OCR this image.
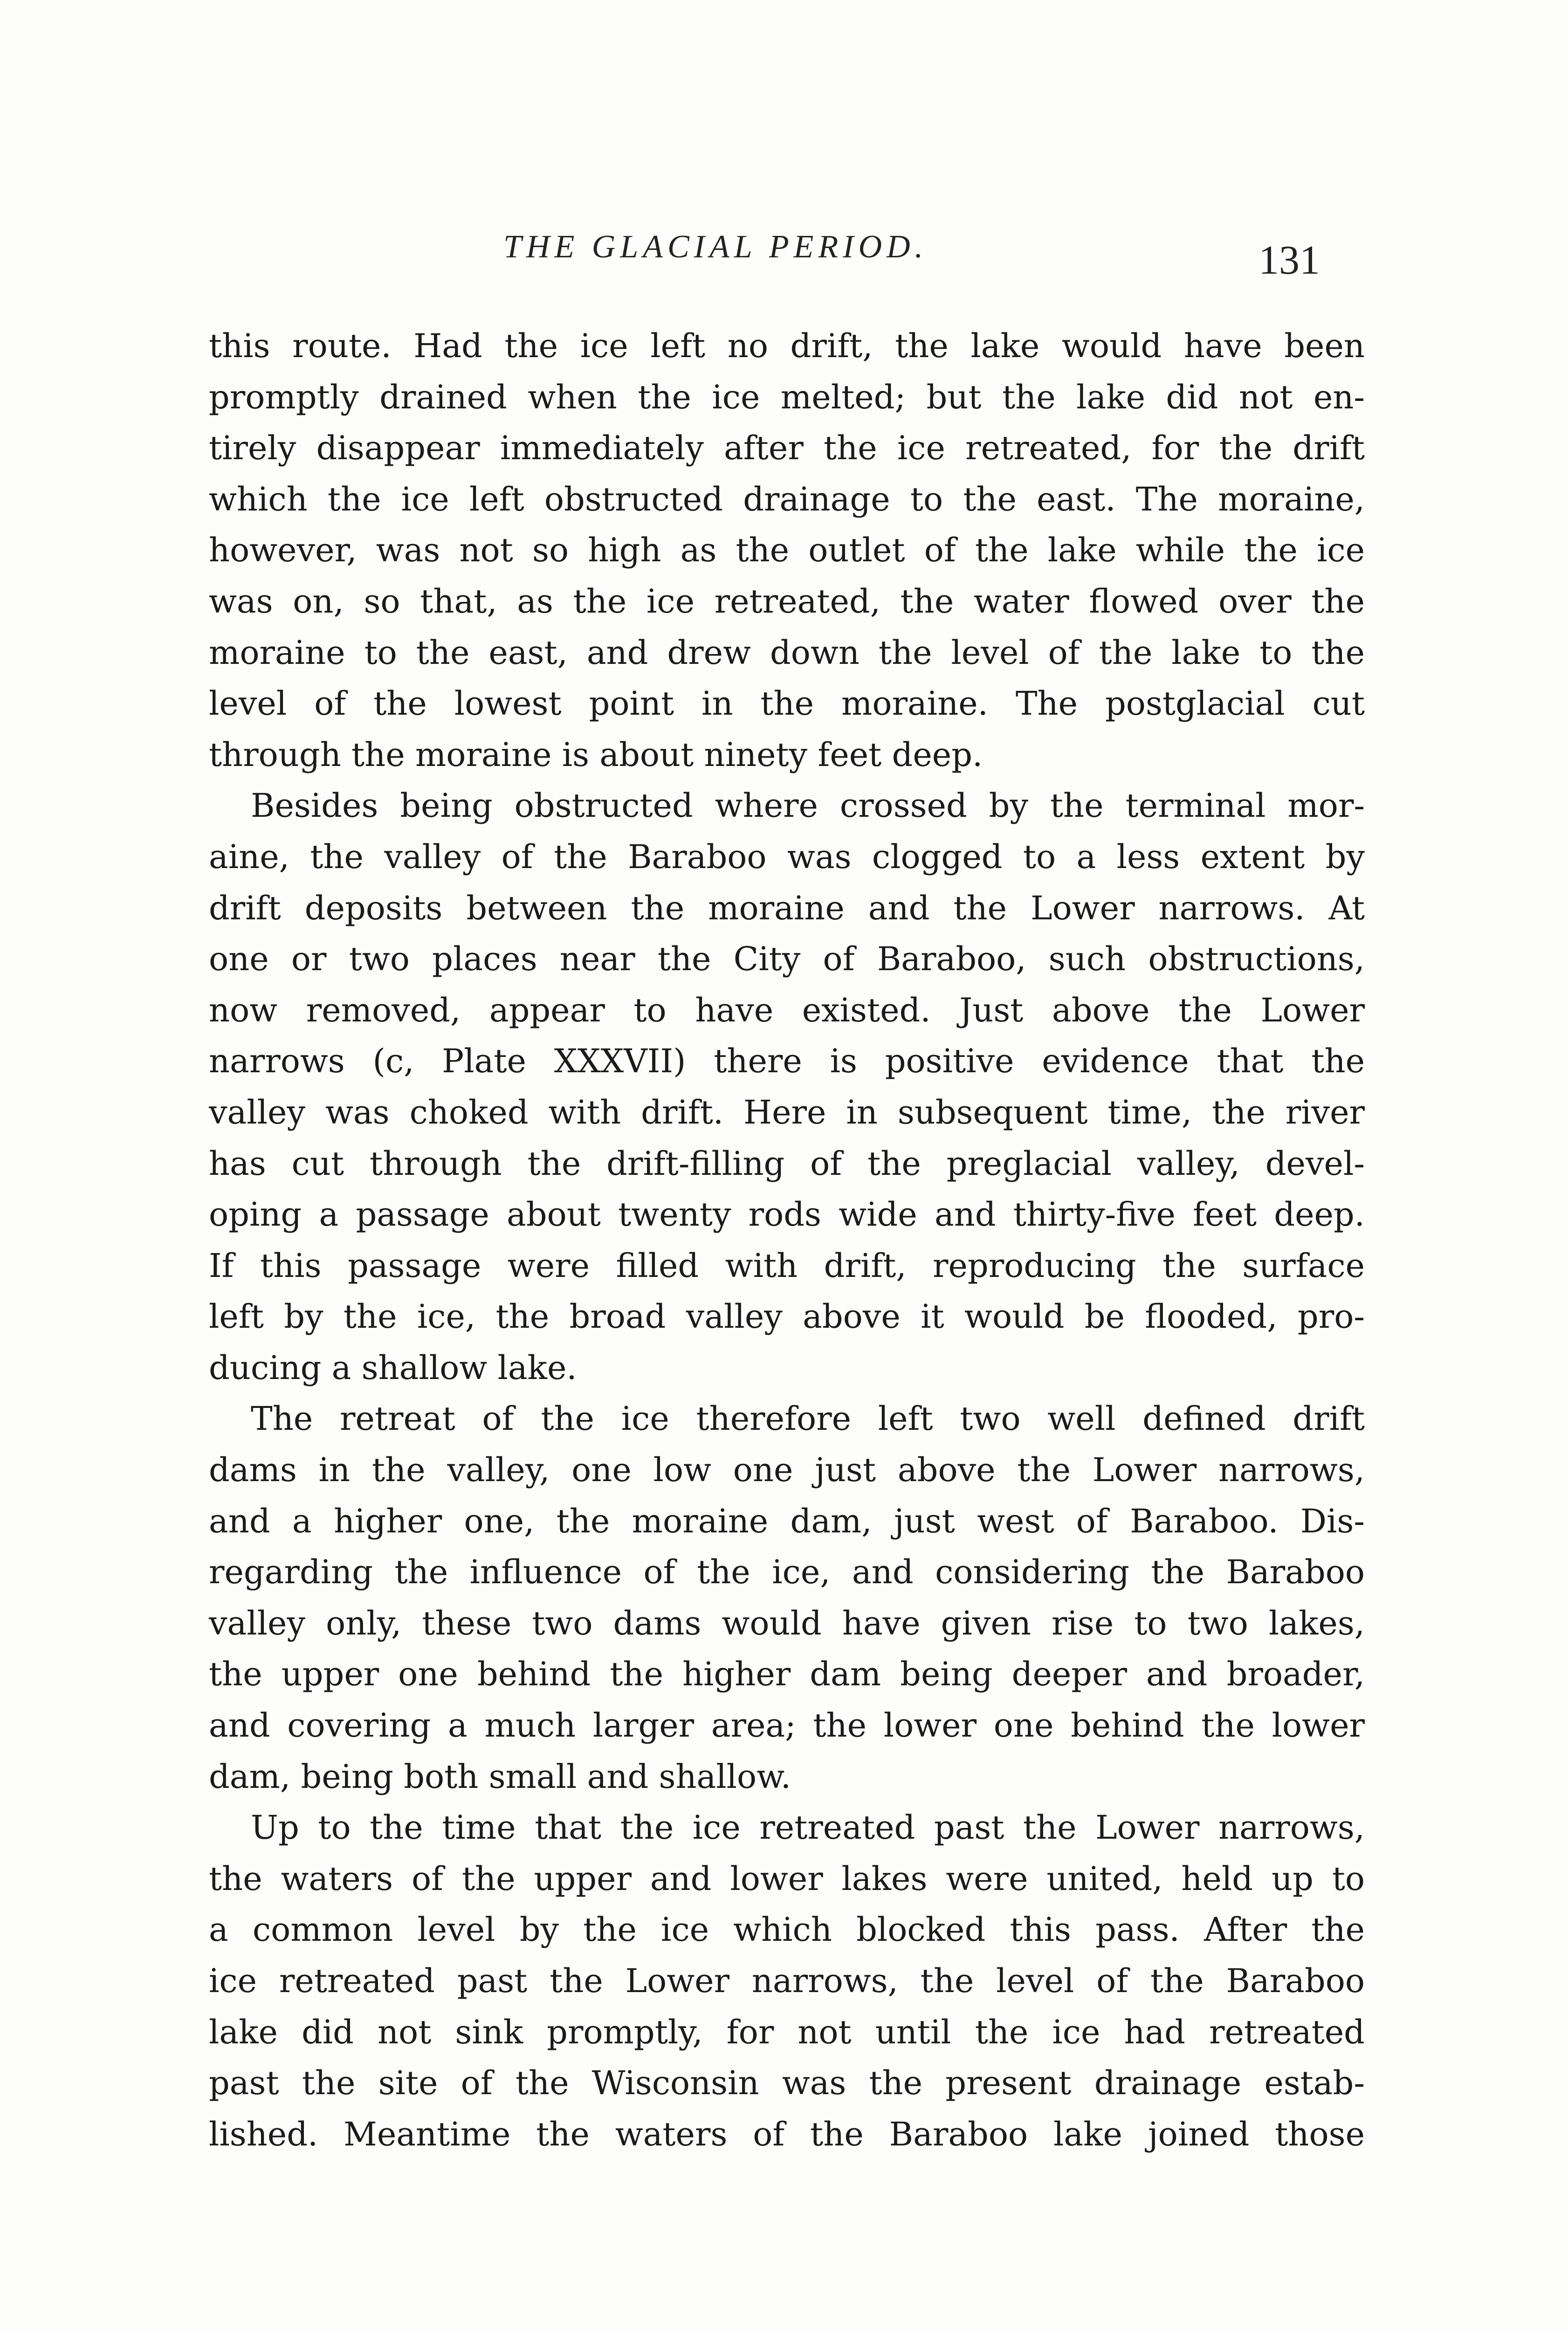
THE GLACIAL PERIOD.	131
this route. Had the ice left no drift, the lake would have been
promptly drained when the ice melted; but the lake did not en-
tirely disappear immediately after the ice retreated, for the drift
which the ice left obstructed drainage to the east. The moraine,
however, was not so high as the outlet of the lake while the ice
was on, so that, as the ice retreated, the water flowed over the
moraine to the east, and drew down the level of the lake to the
level of the lowest point in the moraine. The postglacial cut
through the moraine is about ninety feet deep.
Besides being obstructed where crossed by the terminal mor-
aine, the valley of the Baraboo was clogged to a less extent by
drift deposits between the moraine and the Lower narrows. At
one or two places near the City of Baraboo, such obstructions,
now removed, appear to have existed. Just above the Lower
narrows (c, Plate XXXVII) there is positive evidence that the
valley was choked with drift. Here in subsequent time, the river
has cut through the drift-filling of the preglacial valley, devel-
oping a passage about twenty rods wide and thirty-five feet deep.
If this passage were filled with drift, reproducing the surface
left by the ice, the broad valley above it would be flooded, pro-
ducing a shallow lake.
The retreat of the ice therefore left two well defined drift
dams in the valley, one low one just above the Lower narrows,
and a higher one, the moraine dam, just west of Baraboo. Dis-
regarding the influence of the ice, and considering the Baraboo
valley only, these two dams would have given rise to two lakes,
the upper one behind the higher dam being deeper and broader,
and covering a much larger area; the lower one behind the lower
dam, being both small and shallow.
Up to the time that the ice retreated past the Lower narrows,
the waters of the upper and lower lakes were united, held up to
a common level by the ice which blocked this pass. After the
ice retreated past the Lower narrows, the level of the Baraboo
lake did not sink promptly, for not until the ice had retreated
past the site of the Wisconsin was the present drainage estab-
lished. Meantime the waters of the Baraboo lake joined those
